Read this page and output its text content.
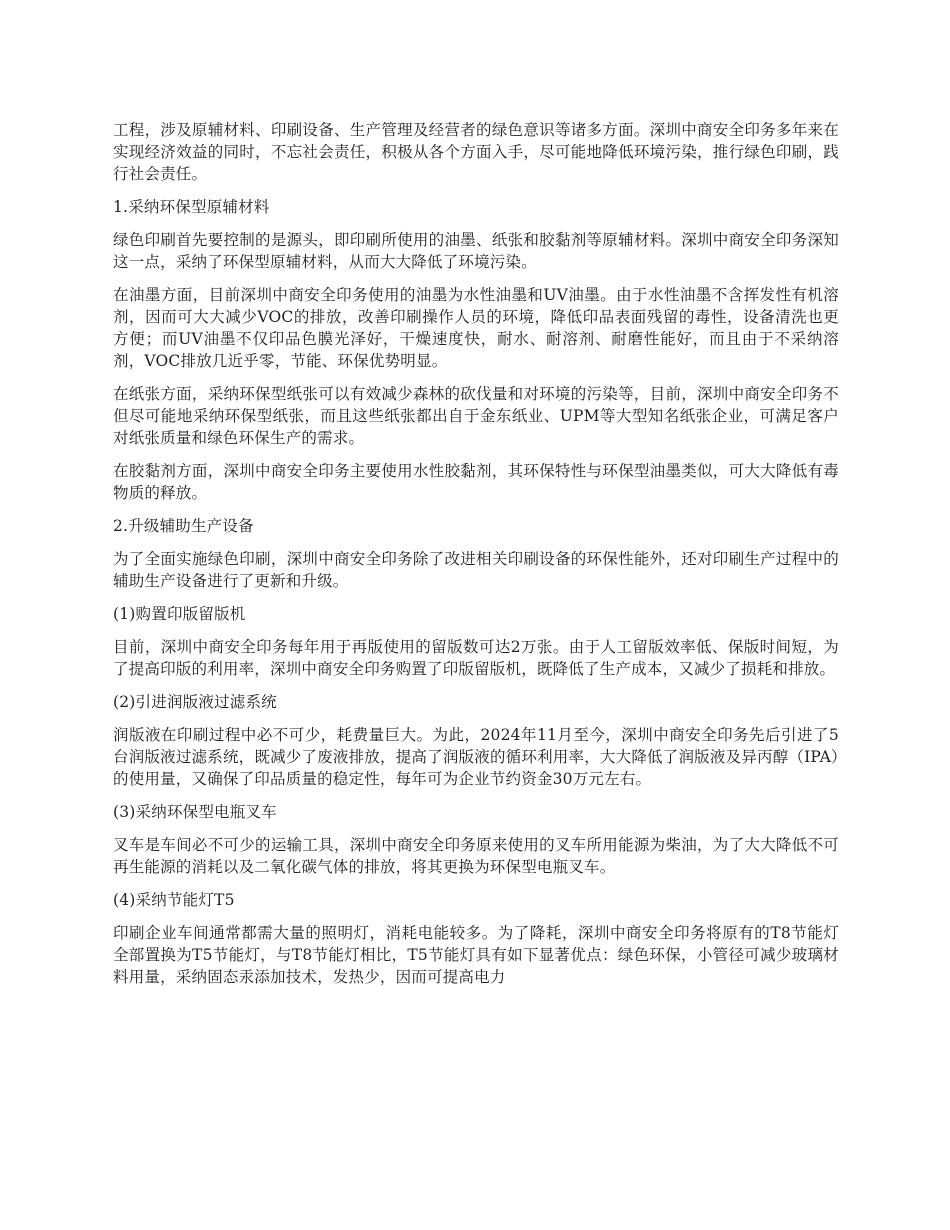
工程，涉及原辅材料、印刷设备、生产管理及经营者的绿色意识等诸多方面。深圳中商安全印务多年来在实现经济效益的同时，不忘社会责任，积极从各个方面入手，尽可能地降低环境污染，推行绿色印刷，践行社会责任。

1.采纳环保型原辅材料

绿色印刷首先要控制的是源头，即印刷所使用的油墨、纸张和胶黏剂等原辅材料。深圳中商安全印务深知这一点，采纳了环保型原辅材料，从而大大降低了环境污染。

在油墨方面，目前深圳中商安全印务使用的油墨为水性油墨和UV油墨。由于水性油墨不含挥发性有机溶剂，因而可大大减少VOC的排放，改善印刷操作人员的环境，降低印品表面残留的毒性，设备清洗也更方便；而UV油墨不仅印品色膜光泽好，干燥速度快，耐水、耐溶剂、耐磨性能好，而且由于不采纳溶剂，VOC排放几近乎零，节能、环保优势明显。

在纸张方面，采纳环保型纸张可以有效减少森林的砍伐量和对环境的污染等，目前，深圳中商安全印务不但尽可能地采纳环保型纸张，而且这些纸张都出自于金东纸业、UPM等大型知名纸张企业，可满足客户对纸张质量和绿色环保生产的需求。

在胶黏剂方面，深圳中商安全印务主要使用水性胶黏剂，其环保特性与环保型油墨类似，可大大降低有毒物质的释放。

2.升级辅助生产设备

为了全面实施绿色印刷，深圳中商安全印务除了改进相关印刷设备的环保性能外，还对印刷生产过程中的辅助生产设备进行了更新和升级。

(1)购置印版留版机

目前，深圳中商安全印务每年用于再版使用的留版数可达2万张。由于人工留版效率低、保版时间短，为了提高印版的利用率，深圳中商安全印务购置了印版留版机，既降低了生产成本，又减少了损耗和排放。

(2)引进润版液过滤系统

润版液在印刷过程中必不可少，耗费量巨大。为此，2024年11月至今，深圳中商安全印务先后引进了5台润版液过滤系统，既减少了废液排放，提高了润版液的循环利用率，大大降低了润版液及异丙醇（IPA）的使用量，又确保了印品质量的稳定性，每年可为企业节约资金30万元左右。

(3)采纳环保型电瓶叉车

叉车是车间必不可少的运输工具，深圳中商安全印务原来使用的叉车所用能源为柴油，为了大大降低不可再生能源的消耗以及二氧化碳气体的排放，将其更换为环保型电瓶叉车。

(4)采纳节能灯T5

印刷企业车间通常都需大量的照明灯，消耗电能较多。为了降耗，深圳中商安全印务将原有的T8节能灯全部置换为T5节能灯，与T8节能灯相比，T5节能灯具有如下显著优点：绿色环保，小管径可减少玻璃材料用量，采纳固态汞添加技术，发热少，因而可提高电力
